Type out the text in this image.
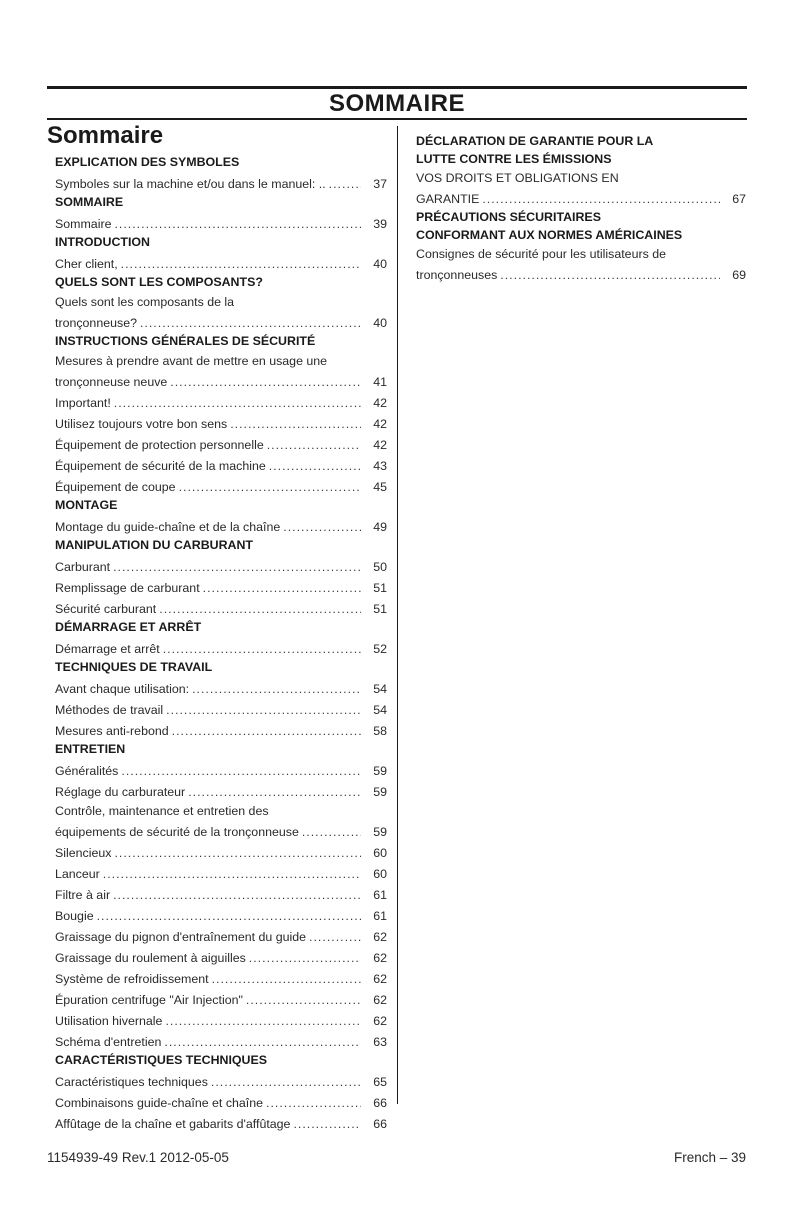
SOMMAIRE
Sommaire
EXPLICATION DES SYMBOLES
Symboles sur la machine et/ou dans le manuel: .. .....	37
SOMMAIRE
Sommaire .....	39
INTRODUCTION
Cher client, .....	40
QUELS SONT LES COMPOSANTS?
Quels sont les composants de la
tronçonneuse? .....	40
INSTRUCTIONS GÉNÉRALES DE SÉCURITÉ
Mesures à prendre avant de mettre en usage une
tronçonneuse neuve .....	41
Important! .....	42
Utilisez toujours votre bon sens .....	42
Équipement de protection personnelle .....	42
Équipement de sécurité de la machine .....	43
Équipement de coupe .....	45
MONTAGE
Montage du guide-chaîne et de la chaîne .....	49
MANIPULATION DU CARBURANT
Carburant .....	50
Remplissage de carburant .....	51
Sécurité carburant .....	51
DÉMARRAGE ET ARRÊT
Démarrage et arrêt .....	52
TECHNIQUES DE TRAVAIL
Avant chaque utilisation: .....	54
Méthodes de travail .....	54
Mesures anti-rebond .....	58
ENTRETIEN
Généralités .....	59
Réglage du carburateur .....	59
Contrôle, maintenance et entretien des
équipements de sécurité de la tronçonneuse .....	59
Silencieux .....	60
Lanceur .....	60
Filtre à air .....	61
Bougie .....	61
Graissage du pignon d'entraînement du guide .....	62
Graissage du roulement à aiguilles .....	62
Système de refroidissement .....	62
Épuration centrifuge "Air Injection" .....	62
Utilisation hivernale .....	62
Schéma d'entretien .....	63
CARACTÉRISTIQUES TECHNIQUES
Caractéristiques techniques .....	65
Combinaisons guide-chaîne et chaîne .....	66
Affûtage de la chaîne et gabarits d'affûtage .....	66
DÉCLARATION DE GARANTIE POUR LA
LUTTE CONTRE LES ÉMISSIONS
VOS DROITS ET OBLIGATIONS EN
GARANTIE .....	67
PRÉCAUTIONS SÉCURITAIRES
CONFORMANT AUX NORMES AMÉRICAINES
Consignes de sécurité pour les utilisateurs de
tronçonneuses .....	69
1154939-49 Rev.1 2012-05-05	French – 39
